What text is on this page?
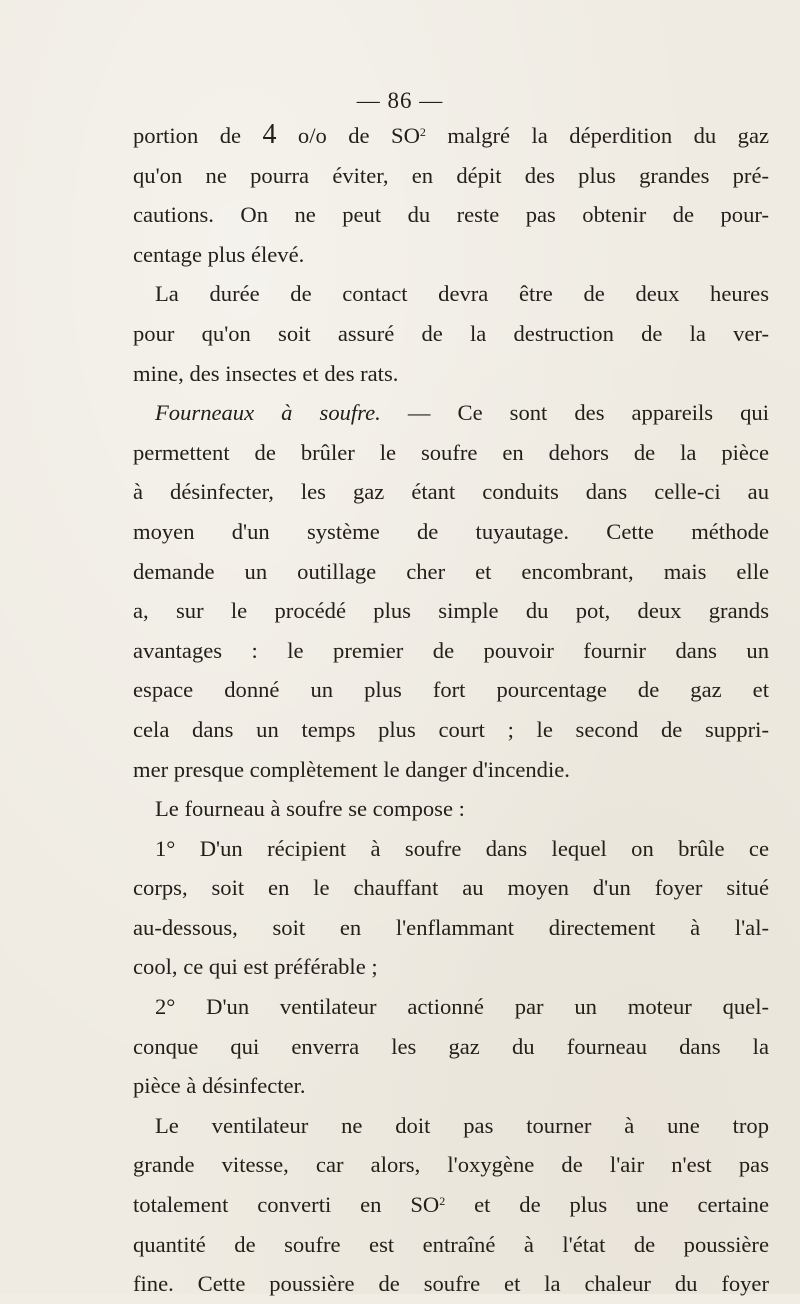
— 86 —
portion de 4 o/o de $SO^2$ malgré la déperdition du gaz
qu'on ne pourra éviter, en dépit des plus grandes pré-
cautions. On ne peut du reste pas obtenir de pour-
centage plus élevé.
La durée de contact devra être de deux heures
pour qu'on soit assuré de la destruction de la ver-
mine, des insectes et des rats.
Fourneaux à soufre. — Ce sont des appareils qui
permettent de brûler le soufre en dehors de la pièce
à désinfecter, les gaz étant conduits dans celle-ci au
moyen d'un système de tuyautage. Cette méthode
demande un outillage cher et encombrant, mais elle
a, sur le procédé plus simple du pot, deux grands
avantages : le premier de pouvoir fournir dans un
espace donné un plus fort pourcentage de gaz et
cela dans un temps plus court ; le second de suppri-
mer presque complètement le danger d'incendie.
Le fourneau à soufre se compose :
1° D'un récipient à soufre dans lequel on brûle ce
corps, soit en le chauffant au moyen d'un foyer situé
au-dessous, soit en l'enflammant directement à l'al-
cool, ce qui est préférable ;
2° D'un ventilateur actionné par un moteur quel-
conque qui enverra les gaz du fourneau dans la
pièce à désinfecter.
Le ventilateur ne doit pas tourner à une trop
grande vitesse, car alors, l'oxygène de l'air n'est pas
totalement converti en $SO^2$ et de plus une certaine
quantité de soufre est entraîné à l'état de poussière
fine. Cette poussière de soufre et la chaleur du foyer
